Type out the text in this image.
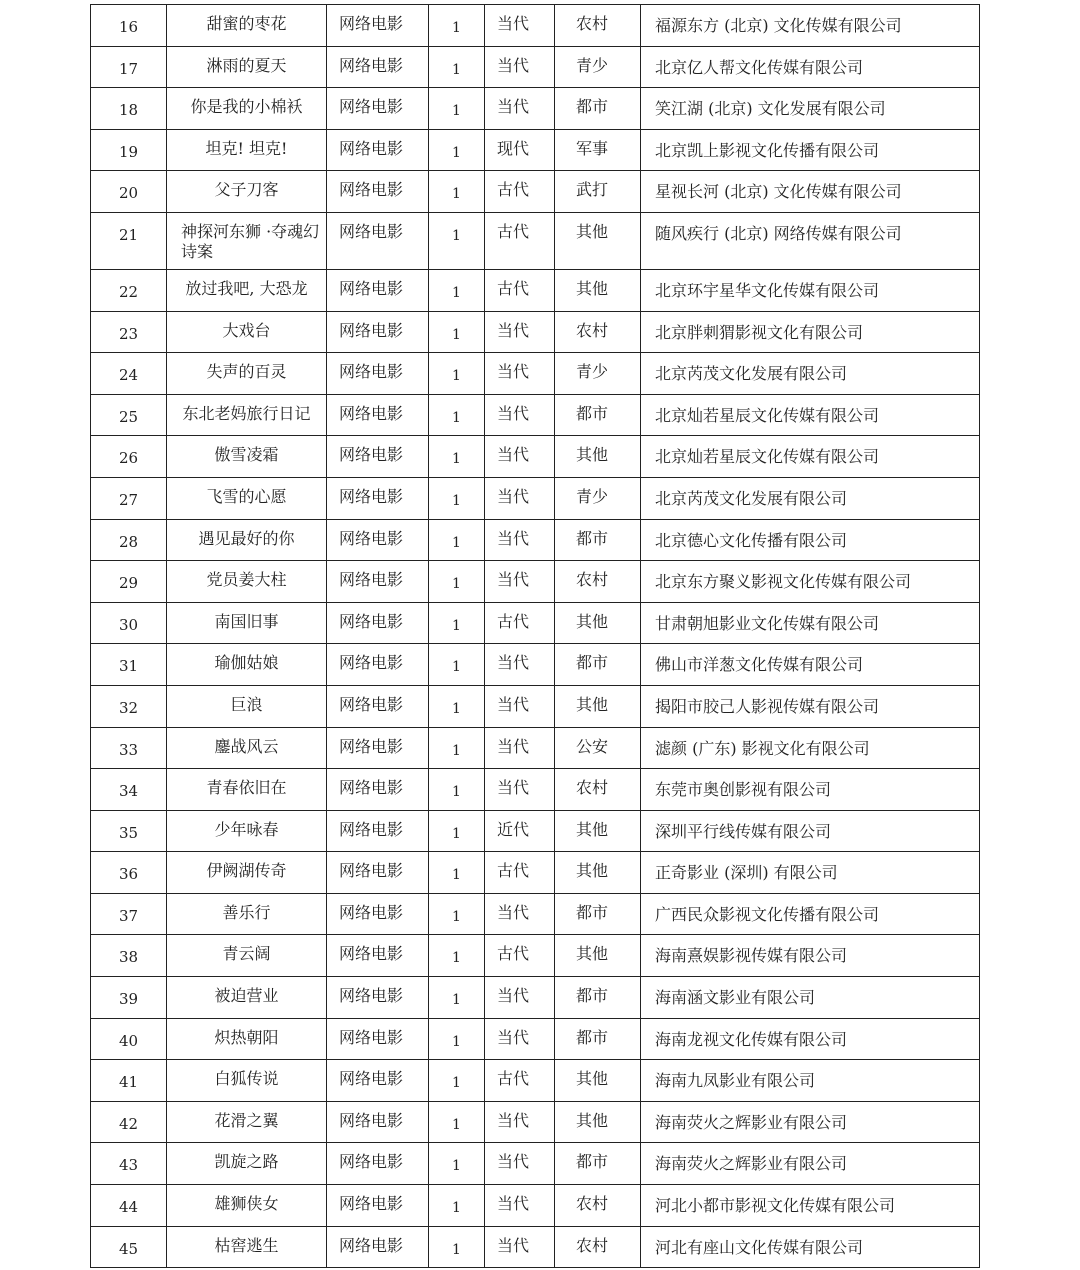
16	甜蜜的枣花	网络电影	1	当代	农村	福源东方 (北京) 文化传媒有限公司
17	淋雨的夏天	网络电影	1	当代	青少	北京亿人帮文化传媒有限公司
18	你是我的小棉袄	网络电影	1	当代	都市	笑江湖 (北京) 文化发展有限公司
19	坦克! 坦克!	网络电影	1	现代	军事	北京凯上影视文化传播有限公司
20	父子刀客	网络电影	1	古代	武打	星视长河 (北京) 文化传媒有限公司
21	神探河东狮 ·夺魂幻诗案	网络电影	1	古代	其他	随风疾行 (北京) 网络传媒有限公司
22	放过我吧, 大恐龙	网络电影	1	古代	其他	北京环宇星华文化传媒有限公司
23	大戏台	网络电影	1	当代	农村	北京胖刺猬影视文化有限公司
24	失声的百灵	网络电影	1	当代	青少	北京芮茂文化发展有限公司
25	东北老妈旅行日记	网络电影	1	当代	都市	北京灿若星辰文化传媒有限公司
26	傲雪凌霜	网络电影	1	当代	其他	北京灿若星辰文化传媒有限公司
27	飞雪的心愿	网络电影	1	当代	青少	北京芮茂文化发展有限公司
28	遇见最好的你	网络电影	1	当代	都市	北京德心文化传播有限公司
29	党员姜大柱	网络电影	1	当代	农村	北京东方聚义影视文化传媒有限公司
30	南国旧事	网络电影	1	古代	其他	甘肃朝旭影业文化传媒有限公司
31	瑜伽姑娘	网络电影	1	当代	都市	佛山市洋葱文化传媒有限公司
32	巨浪	网络电影	1	当代	其他	揭阳市胶己人影视传媒有限公司
33	鏖战风云	网络电影	1	当代	公安	滤颜 (广东) 影视文化有限公司
34	青春依旧在	网络电影	1	当代	农村	东莞市奥创影视有限公司
35	少年咏春	网络电影	1	近代	其他	深圳平行线传媒有限公司
36	伊阙湖传奇	网络电影	1	古代	其他	正奇影业 (深圳) 有限公司
37	善乐行	网络电影	1	当代	都市	广西民众影视文化传播有限公司
38	青云阔	网络电影	1	古代	其他	海南熹娱影视传媒有限公司
39	被迫营业	网络电影	1	当代	都市	海南涵文影业有限公司
40	炽热朝阳	网络电影	1	当代	都市	海南龙视文化传媒有限公司
41	白狐传说	网络电影	1	古代	其他	海南九凤影业有限公司
42	花滑之翼	网络电影	1	当代	其他	海南荧火之辉影业有限公司
43	凯旋之路	网络电影	1	当代	都市	海南荧火之辉影业有限公司
44	雄狮侠女	网络电影	1	当代	农村	河北小都市影视文化传媒有限公司
45	枯窖逃生	网络电影	1	当代	农村	河北有座山文化传媒有限公司
